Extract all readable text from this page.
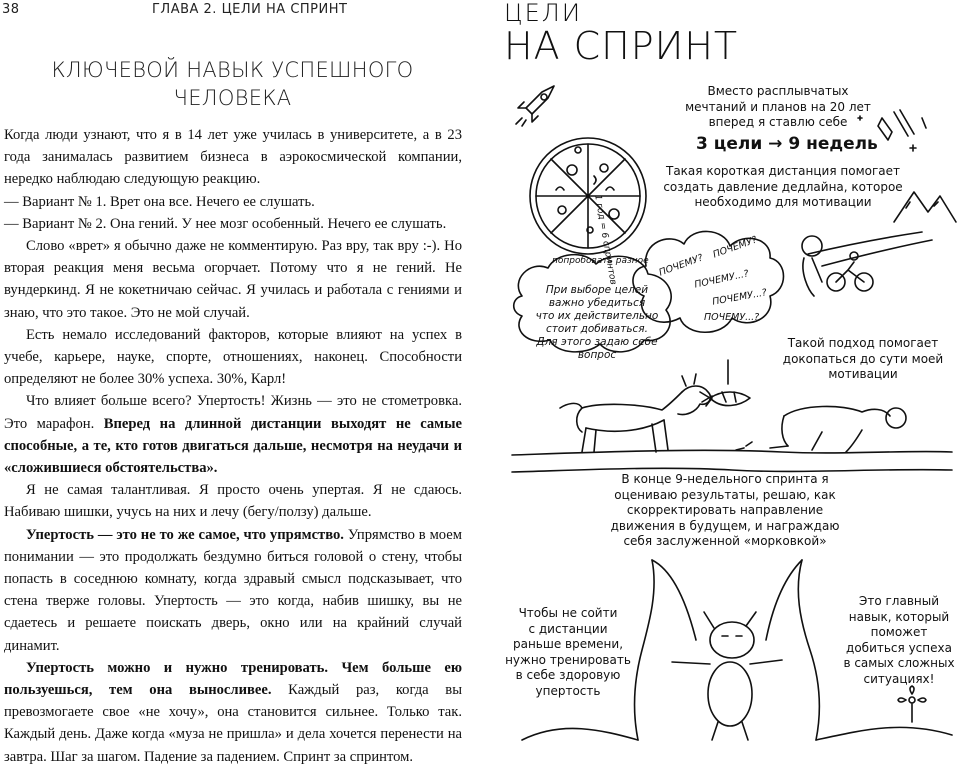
38	ГЛАВА 2. ЦЕЛИ НА СПРИНТ
КЛЮЧЕВОЙ НАВЫК УСПЕШНОГО
ЧЕЛОВЕКА

Когда люди узнают, что я в 14 лет уже училась в университете, а в 23 года занималась развитием бизнеса в аэрокосмической компании, нередко наблюдаю следующую реакцию.

— Вариант № 1. Врет она все. Нечего ее слушать.

— Вариант № 2. Она гений. У нее мозг особенный. Нечего ее слушать.

Слово «врет» я обычно даже не комментирую. Раз вру, так вру :-). Но вторая реакция меня весьма огорчает. Потому что я не гений. Не вундеркинд. Я не кокетничаю сейчас. Я училась и работала с гениями и знаю, что это такое. Это не мой случай.

Есть немало исследований факторов, которые влияют на успех в учебе, карьере, науке, спорте, отношениях, наконец. Способности определяют не более 30% успеха. 30%, Карл!

Что влияет больше всего? Упертость! Жизнь — это не стометровка. Это марафон. Вперед на длинной дистанции выходят не самые способные, а те, кто готов двигаться дальше, несмотря на неудачи и «сложившиеся обстоятельства».

Я не самая талантливая. Я просто очень упертая. Я не сдаюсь. Набиваю шишки, учусь на них и лечу (бегу/ползу) дальше.

Упертость — это не то же самое, что упрямство. Упрямство в моем понимании — это продолжать бездумно биться головой о стену, чтобы попасть в соседнюю комнату, когда здравый смысл подсказывает, что стена тверже головы. Упертость — это когда, набив шишку, вы не сдаетесь и решаете поискать дверь, окно или на крайний случай динамит.

Упертость можно и нужно тренировать. Чем больше ею пользуешься, тем она выносливее. Каждый раз, когда вы превозмогаете свое «не хочу», она становится сильнее. Только так. Каждый день. Даже когда «муза не пришла» и дела хочется перенести на завтра. Шаг за шагом. Падение за падением. Спринт за спринтом.

ЦЕЛИ
НА СПРИНТ
Вместо расплывчатых
мечтаний и планов на 20 лет
вперед я ставлю себе
3 цели → 9 недель
Такая короткая дистанция помогает
создать давление дедлайна, которое
необходимо для мотивации
1 год = 6 спринтов
попробовать разное ПОЧЕМУ?
ПОЧЕМУ?
ПОЧЕМУ...?
ПОЧЕМУ...?
ПОЧЕМУ...?
При выборе целей
важно убедиться
что их действительно
стоит добиваться.
Для этого задаю себе вопрос
Такой подход помогает
докопаться до сути моей
мотивации
В конце 9-недельного спринта я
оцениваю результаты, решаю, как
скорректировать направление
движения в будущем, и награждаю
себя заслуженной «морковкой»
Чтобы не сойти
с дистанции
раньше времени,
нужно тренировать
в себе здоровую
упертость
Это главный
навык, который
поможет
добиться успеха
в самых сложных
ситуациях!
